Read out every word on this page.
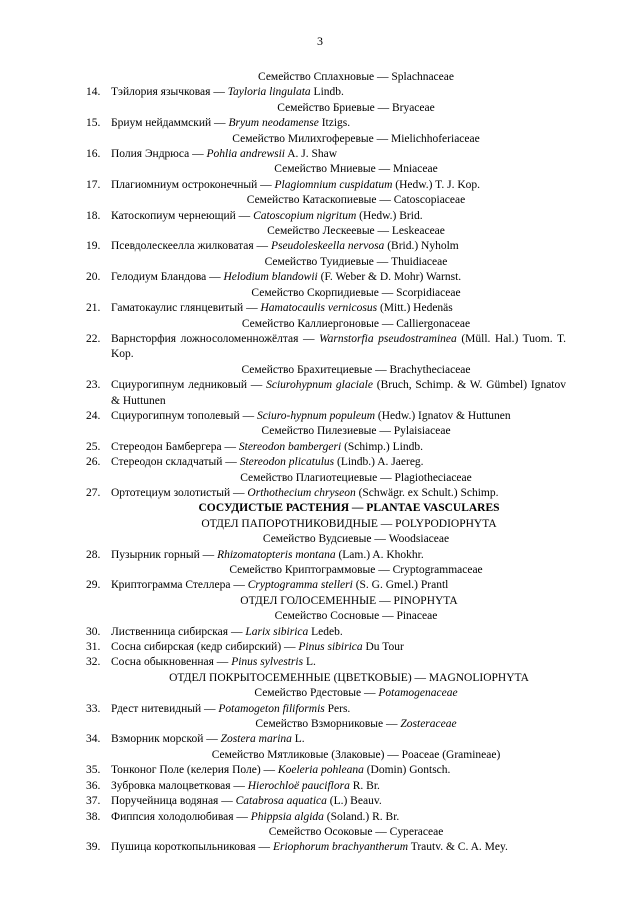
3
Семейство Сплахновые — Splachnaceae
14. Тэйлория язычковая — Tayloria lingulata Lindb.
Семейство Бриевые — Bryaceae
15. Бриум нейдаммский — Bryum neodamense Itzigs.
Семейство Милихгоферевые — Mielichhoferiaceae
16. Полия Эндрюса — Pohlia andrewsii A. J. Shaw
Семейство Мниевые — Mniaceae
17. Плагиомниум остроконечный — Plagiomnium cuspidatum (Hedw.) T. J. Kop.
Семейство Катаскопиевые — Catoscopiaceae
18. Катоскопиум чернеющий — Catoscopium nigritum (Hedw.) Brid.
Семейство Лескеевые — Leskeaceae
19. Псевдолескеелла жилковатая — Pseudoleskeella nervosa (Brid.) Nyholm
Семейство Туидиевые — Thuidiaceae
20. Гелодиум Бландова — Helodium blandowii (F. Weber & D. Mohr) Warnst.
Семейство Скорпидиевые — Scorpidiaceae
21. Гаматокаулис глянцевитый — Hamatocaulis vernicosus (Mitt.) Hedenäs
Семейство Каллиергоновые — Calliergonaceae
22. Варнсторфия ложносоломенножёлтая — Warnstorfia pseudostraminea (Müll. Hal.) Tuom. T. Kop.
Семейство Брахитециевые — Brachytheciaceae
23. Сциурогипнум ледниковый — Sciurohypnum glaciale (Bruch, Schimp. & W. Gümbel) Ignatov & Huttunen
24. Сциурогипнум тополевый — Sciuro-hypnum populeum (Hedw.) Ignatov & Huttunen
Семейство Пилезиевые — Pylaisiaceae
25. Стереодон Бамбергера — Stereodon bambergeri (Schimp.) Lindb.
26. Стереодон складчатый — Stereodon plicatulus (Lindb.) A. Jaereg.
Семейство Плагиотециевые — Plagiotheciaceae
27. Ортотециум золотистый — Orthothecium chryseon (Schwägr. ex Schult.) Schimp.
СОСУДИСТЫЕ РАСТЕНИЯ — PLANTAE VASCULARES
ОТДЕЛ ПАПОРОТНИКОВИДНЫЕ — POLYPODIOPHYTA
Семейство Вудсиевые — Woodsiaceae
28. Пузырник горный — Rhizomatopteris montana (Lam.) A. Khokhr.
Семейство Криптограммовые — Cryptogrammaceae
29. Криптограмма Стеллера — Cryptogramma stelleri (S. G. Gmel.) Prantl
ОТДЕЛ ГОЛОСЕМЕННЫЕ — PINOPHYTA
Семейство Сосновые — Pinaceae
30. Лиственница сибирская — Larix sibirica Ledeb.
31. Сосна сибирская (кедр сибирский) — Pinus sibirica Du Tour
32. Сосна обыкновенная — Pinus sylvestris L.
ОТДЕЛ ПОКРЫТОСЕМЕННЫЕ (ЦВЕТКОВЫЕ) — MAGNOLIOPHYTA
Семейство Рдестовые — Potamogenaceae
33. Рдест нитевидный — Potamogeton filiformis Pers.
Семейство Взморниковые — Zosteraceae
34. Взморник морской — Zostera marina L.
Семейство Мятликовые (Злаковые) — Poaceae (Gramineae)
35. Тонконог Поле (келерия Поле) — Koeleria pohleana (Domin) Gontsch.
36. Зубровка малоцветковая — Hierochloë pauciflora R. Br.
37. Поручейница водяная — Catabrosa aquatica (L.) Beauv.
38. Фиппсия холодолюбивая — Phippsia algida (Soland.) R. Br.
Семейство Осоковые — Cyperaceae
39. Пушица короткопыльниковая — Eriophorum brachyantherum Trautv. & C. A. Mey.
